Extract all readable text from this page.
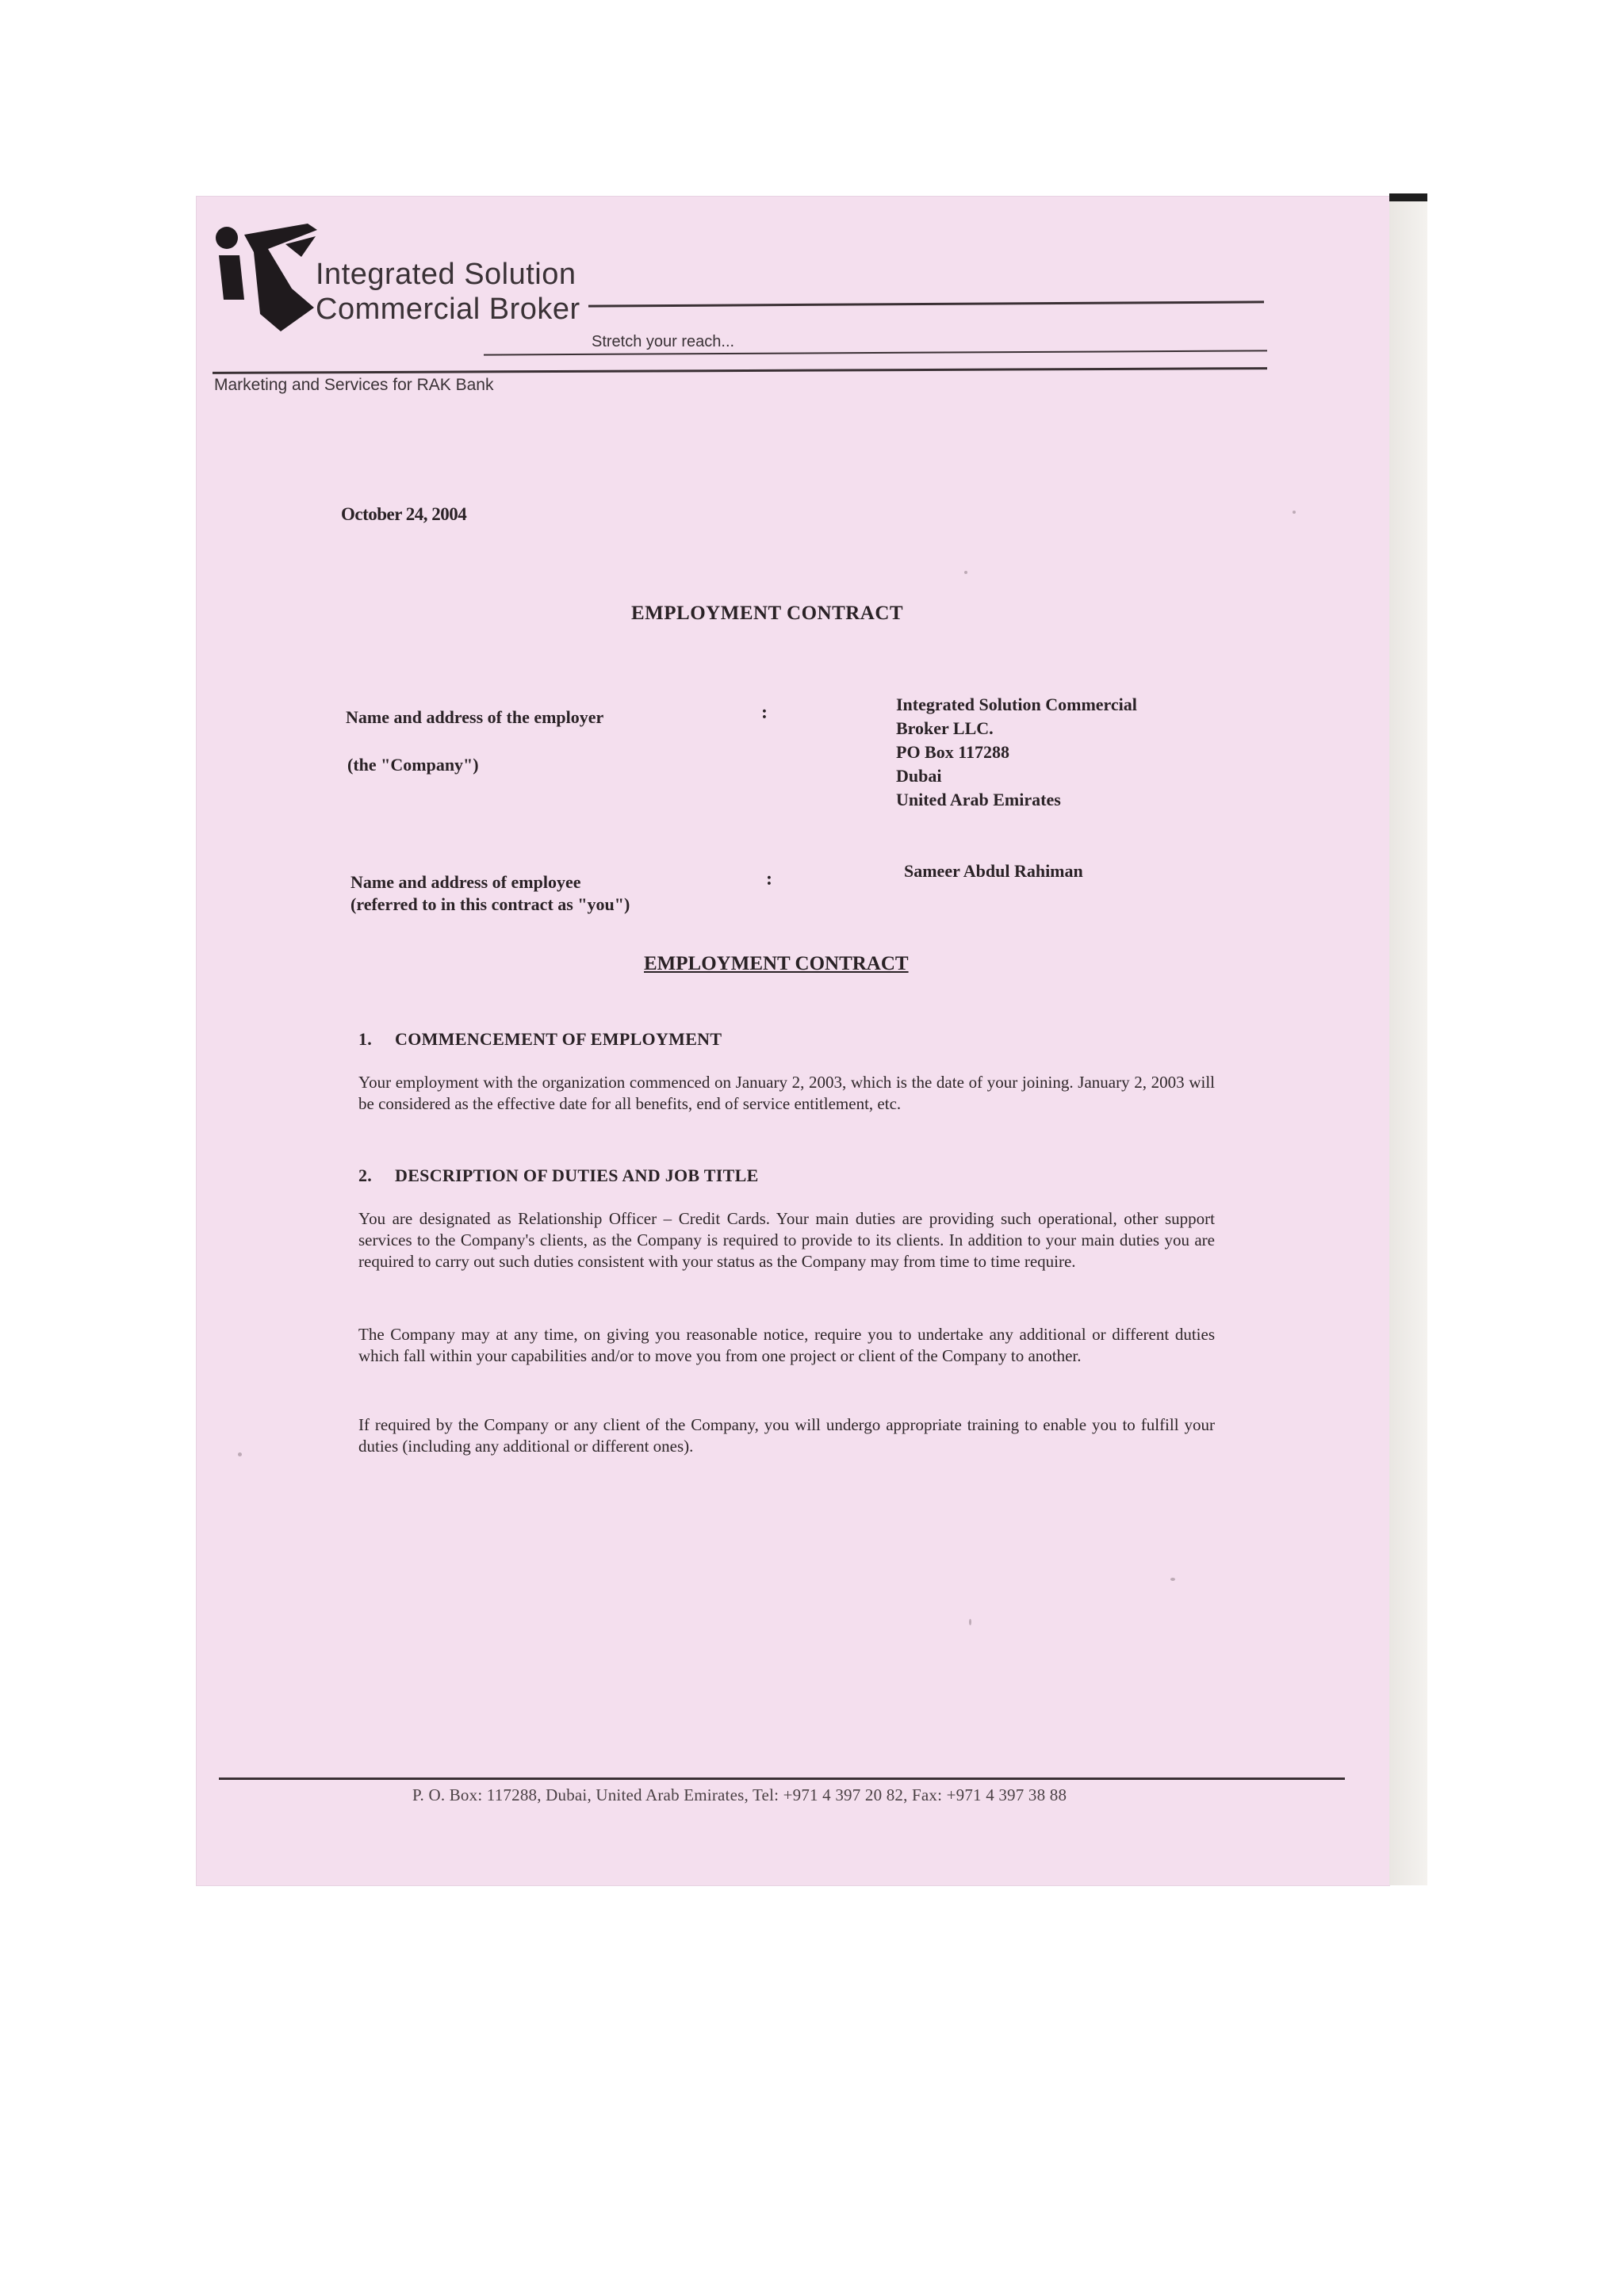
Integrated Solution
Commercial Broker
Stretch your reach...
Marketing and Services for RAK Bank
October 24, 2004
EMPLOYMENT CONTRACT
Name and address of the employer
(the "Company")
:	Integrated Solution Commercial
Broker LLC.
PO Box 117288
Dubai
United Arab Emirates
Name and address of employee
(referred to in this contract as "you")
:	Sameer Abdul Rahiman
EMPLOYMENT CONTRACT
1. COMMENCEMENT OF EMPLOYMENT
Your employment with the organization commenced on January 2, 2003, which is the date of your joining. January 2, 2003 will be considered as the effective date for all benefits, end of service entitlement, etc.
2. DESCRIPTION OF DUTIES AND JOB TITLE
You are designated as Relationship Officer – Credit Cards. Your main duties are providing such operational, other support services to the Company's clients, as the Company is required to provide to its clients. In addition to your main duties you are required to carry out such duties consistent with your status as the Company may from time to time require.
The Company may at any time, on giving you reasonable notice, require you to undertake any additional or different duties which fall within your capabilities and/or to move you from one project or client of the Company to another.
If required by the Company or any client of the Company, you will undergo appropriate training to enable you to fulfill your duties (including any additional or different ones).
P. O. Box: 117288, Dubai, United Arab Emirates, Tel: +971 4 397 20 82, Fax: +971 4 397 38 88
